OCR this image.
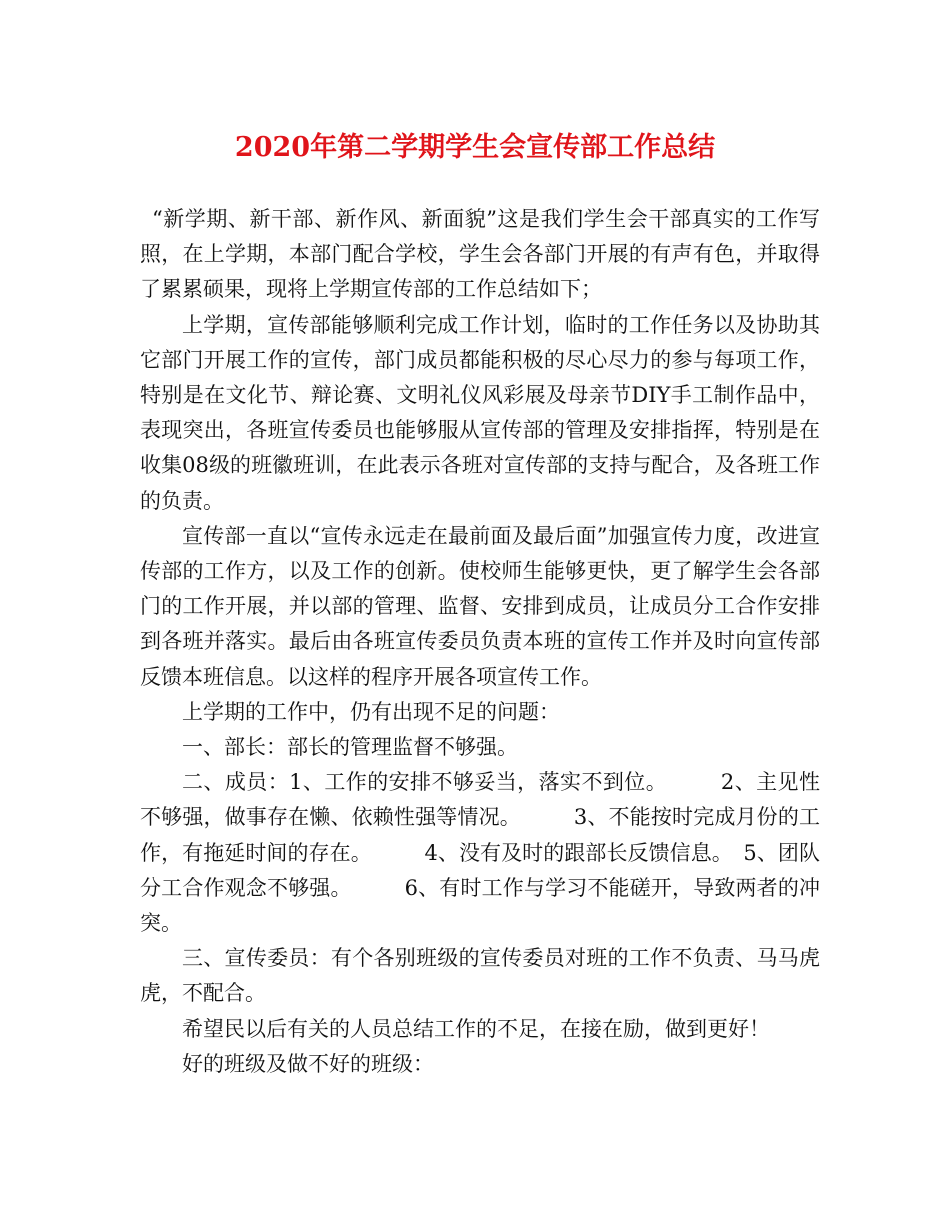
2020年第二学期学生会宣传部工作总结

“新学期、新干部、新作风、新面貌”这是我们学生会干部真实的工作写照，在上学期，本部门配合学校，学生会各部门开展的有声有色，并取得了累累硕果，现将上学期宣传部的工作总结如下；

上学期，宣传部能够顺利完成工作计划，临时的工作任务以及协助其它部门开展工作的宣传，部门成员都能积极的尽心尽力的参与每项工作，特别是在文化节、辩论赛、文明礼仪风彩展及母亲节DIY手工制作品中，表现突出，各班宣传委员也能够服从宣传部的管理及安排指挥，特别是在收集08级的班徽班训，在此表示各班对宣传部的支持与配合，及各班工作的负责。

宣传部一直以“宣传永远走在最前面及最后面”加强宣传力度，改进宣传部的工作方，以及工作的创新。使校师生能够更快，更了解学生会各部门的工作开展，并以部的管理、监督、安排到成员，让成员分工合作安排到各班并落实。最后由各班宣传委员负责本班的宣传工作并及时向宣传部反馈本班信息。以这样的程序开展各项宣传工作。

上学期的工作中，仍有出现不足的问题：

一、部长：部长的管理监督不够强。

二、成员：1、工作的安排不够妥当，落实不到位。　　　2、主见性不够强，做事存在懒、依赖性强等情况。　　　3、不能按时完成月份的工作，有拖延时间的存在。　　　4、没有及时的跟部长反馈信息。　5、团队分工合作观念不够强。　　　6、有时工作与学习不能磋开，导致两者的冲突。

三、宣传委员：有个各别班级的宣传委员对班的工作不负责、马马虎虎，不配合。

希望民以后有关的人员总结工作的不足，在接在励，做到更好！

好的班级及做不好的班级：
